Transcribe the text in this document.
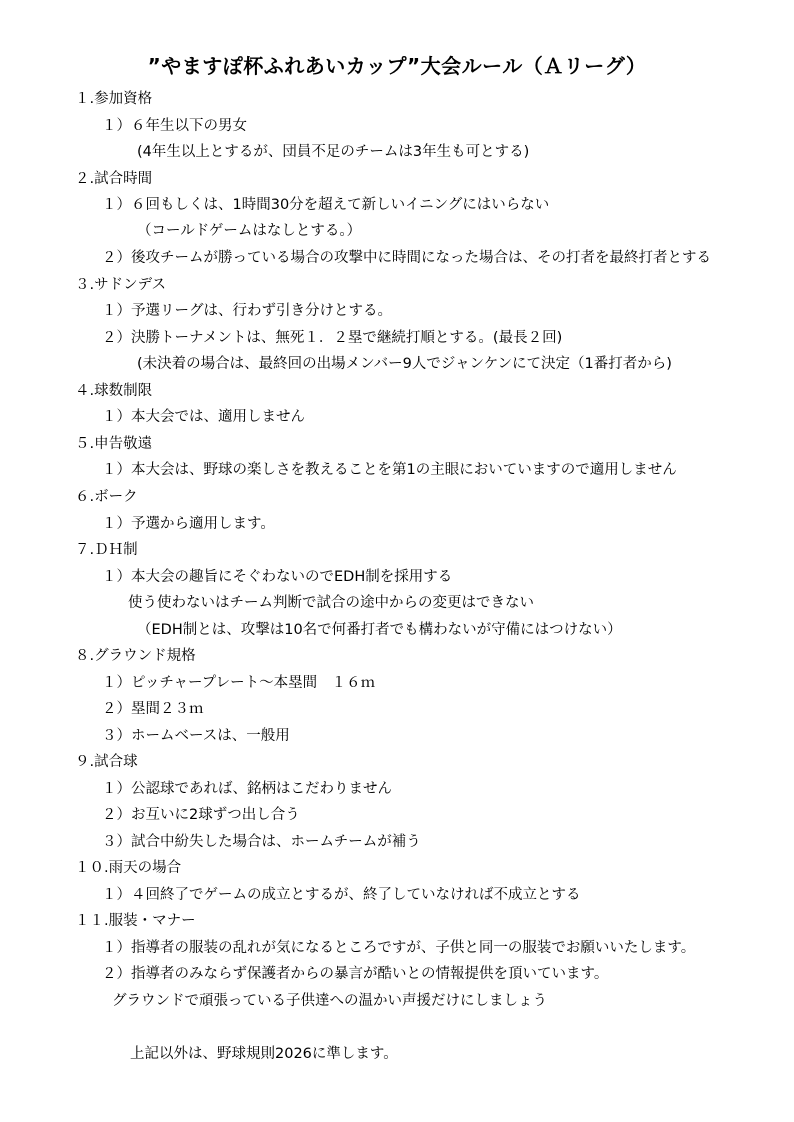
”やますぽ杯ふれあいカップ”大会ルール（Ａリーグ）
１.参加資格
１）６年生以下の男女
(4年生以上とするが、団員不足のチームは3年生も可とする)
２.試合時間
１）６回もしくは、1時間30分を超えて新しいイニングにはいらない
（コールドゲームはなしとする。）
２）後攻チームが勝っている場合の攻撃中に時間になった場合は、その打者を最終打者とする
３.サドンデス
１）予選リーグは、行わず引き分けとする。
２）決勝トーナメントは、無死１．２塁で継続打順とする。(最長２回)
(未決着の場合は、最終回の出場メンバー9人でジャンケンにて決定（1番打者から)
４.球数制限
１）本大会では、適用しません
５.申告敬遠
１）本大会は、野球の楽しさを教えることを第1の主眼においていますので適用しません
６.ボーク
１）予選から適用します。
７.ＤＨ制
１）本大会の趣旨にそぐわないのでEDH制を採用する
使う使わないはチーム判断で試合の途中からの変更はできない
（EDH制とは、攻撃は10名で何番打者でも構わないが守備にはつけない）
８.グラウンド規格
１）ピッチャープレート～本塁間　１６ｍ
２）塁間２３ｍ
３）ホームベースは、一般用
９.試合球
１）公認球であれば、銘柄はこだわりません
２）お互いに2球ずつ出し合う
３）試合中紛失した場合は、ホームチームが補う
１０.雨天の場合
１）４回終了でゲームの成立とするが、終了していなければ不成立とする
１１.服装・マナー
１）指導者の服装の乱れが気になるところですが、子供と同一の服装でお願いいたします。
２）指導者のみならず保護者からの暴言が酷いとの情報提供を頂いています。
グラウンドで頑張っている子供達への温かい声援だけにしましょう
上記以外は、野球規則2026に準します。
